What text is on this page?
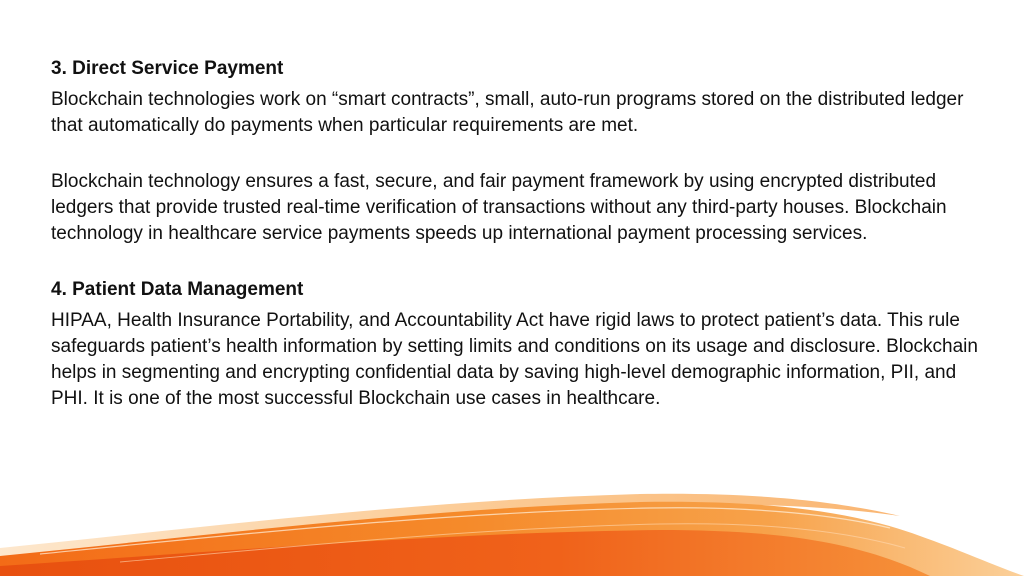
3. Direct Service Payment

Blockchain technologies work on “smart contracts”, small, auto-run programs stored on the distributed ledger that automatically do payments when particular requirements are met.

Blockchain technology ensures a fast, secure, and fair payment framework by using encrypted distributed ledgers that provide trusted real-time verification of transactions without any third-party houses. Blockchain technology in healthcare service payments speeds up international payment processing services.

4. Patient Data Management

HIPAA, Health Insurance Portability, and Accountability Act have rigid laws to protect patient’s data. This rule safeguards patient’s health information by setting limits and conditions on its usage and disclosure. Blockchain helps in segmenting and encrypting confidential data by saving high-level demographic information, PII, and PHI. It is one of the most successful Blockchain use cases in healthcare.
